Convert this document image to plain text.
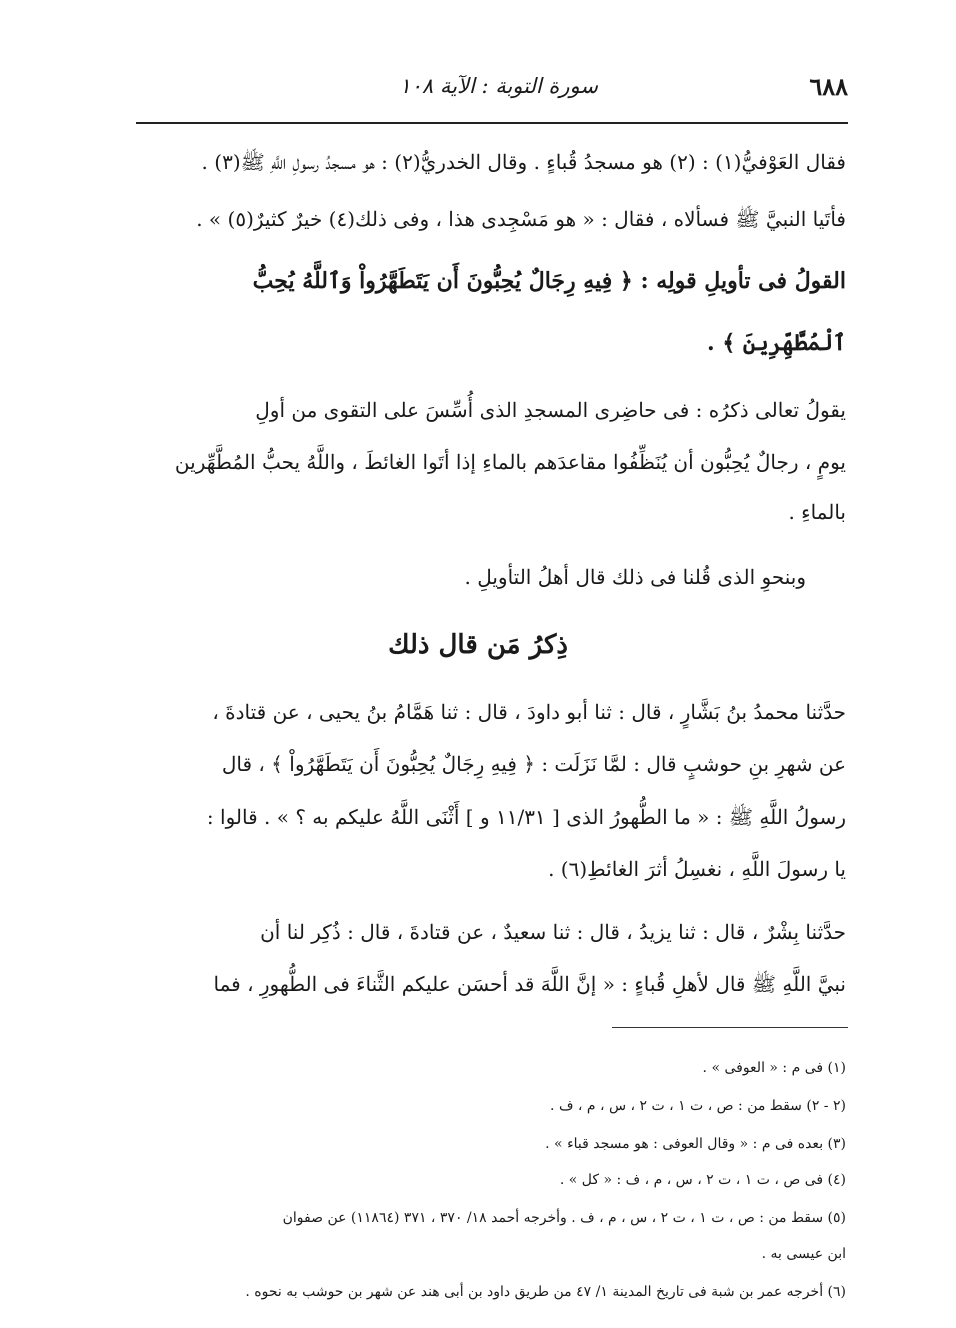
٦٨٨
سورة التوبة : الآية ١٠٨
فقال العَوْفيُّ(١) : (٢) هو مسجدُ قُباءٍ . وقال الخدريُّ(٢) : هو مسجدُ رسولِ اللَّهِ ﷺ(٣) .
فأتَيا النبيَّ ﷺ فسألاه ، فقال : « هو مَسْجِدى هذا ، وفى ذلك(٤) خيرٌ كثيرٌ(٥) » .
القولُ فى تأويلِ قولِه : ﴿ فِيهِ رِجَالٌ يُحِبُّونَ أَن يَتَطَهَّرُواْ وَٱللَّهُ يُحِبُّ
ٱلْمُطَّهِّرِينَ ﴾ .
يقولُ تعالى ذكرُه : فى حاضِرى المسجدِ الذى أُسِّسَ على التقوى من أولِ
يومٍ ، رجالٌ يُحِبُّون أن يُنَظِّفُوا مقاعدَهم بالماءِ إذا أتَوا الغائطَ ، واللَّهُ يحبُّ المُطَّهِّرين
بالماءِ .
وبنحوِ الذى قُلنا فى ذلك قال أهلُ التأويلِ .
ذِكرُ مَن قال ذلك
حدَّثنا محمدُ بنُ بَشَّارٍ ، قال : ثنا أبو داودَ ، قال : ثنا هَمَّامُ بنُ يحيى ، عن قتادةَ ،
عن شهرِ بنِ حوشبٍ قال : لمَّا نَزَلَت : ﴿ فِيهِ رِجَالٌ يُحِبُّونَ أَن يَتَطَهَّرُواْ ﴾ ، قال
رسولُ اللَّهِ ﷺ : « ما الطُّهورُ الذى [ ١١/٣١ و ] أَثْنَى اللَّهُ عليكم به ؟ » . قالوا :
يا رسولَ اللَّهِ ، نغسِلُ أثرَ الغائطِ(٦) .
حدَّثنا بِشْرٌ ، قال : ثنا يزيدُ ، قال : ثنا سعيدٌ ، عن قتادةَ ، قال : ذُكِر لنا أن
نبيَّ اللَّهِ ﷺ قال لأهلِ قُباءٍ : « إنَّ اللَّهَ قد أحسَن عليكم الثَّناءَ فى الطُّهورِ ، فما
(١) فى م : « العوفى » .
(٢ - ٢) سقط من : ص ، ت ١ ، ت ٢ ، س ، م ، ف .
(٣) بعده فى م : « وقال العوفى : هو مسجد قباء » .
(٤) فى ص ، ت ١ ، ت ٢ ، س ، م ، ف : « كل » .
(٥) سقط من : ص ، ت ١ ، ت ٢ ، س ، م ، ف . وأخرجه أحمد ١٨/ ٣٧٠ ، ٣٧١ (١١٨٦٤) عن صفوان
ابن عيسى به .
(٦) أخرجه عمر بن شبة فى تاريخ المدينة ١/ ٤٧ من طريق داود بن أبى هند عن شهر بن حوشب به نحوه .
